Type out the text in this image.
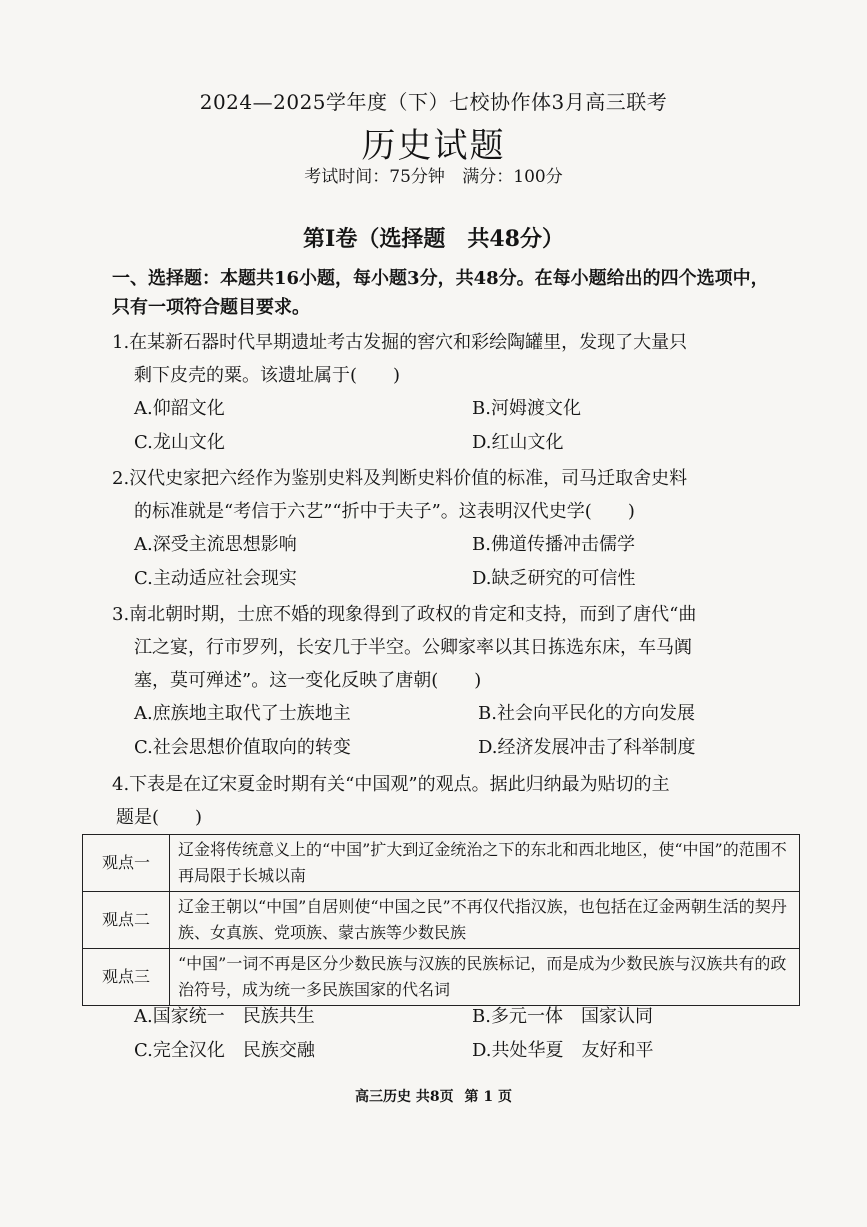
2024—2025学年度（下）七校协作体3月高三联考
历史试题
考试时间：75分钟 满分：100分
第Ⅰ卷（选择题　共48分）
一、选择题：本题共16小题，每小题3分，共48分。在每小题给出的四个选项中，只有一项符合题目要求。
1.在某新石器时代早期遗址考古发掘的窖穴和彩绘陶罐里，发现了大量只
剩下皮壳的粟。该遗址属于(　　)
A.仰韶文化	B.河姆渡文化
C.龙山文化	D.红山文化
2.汉代史家把六经作为鉴别史料及判断史料价值的标准，司马迁取舍史料
的标准就是“考信于六艺”“折中于夫子”。这表明汉代史学(　　)
A.深受主流思想影响	B.佛道传播冲击儒学
C.主动适应社会现实	D.缺乏研究的可信性
3.南北朝时期，士庶不婚的现象得到了政权的肯定和支持，而到了唐代“曲
江之宴，行市罗列，长安几于半空。公卿家率以其日拣选东床，车马阗
塞，莫可殚述”。这一变化反映了唐朝(　　)
A.庶族地主取代了士族地主	B.社会向平民化的方向发展
C.社会思想价值取向的转变	D.经济发展冲击了科举制度
4.下表是在辽宋夏金时期有关“中国观”的观点。据此归纳最为贴切的主
题是(　　)
观点一	辽金将传统意义上的“中国”扩大到辽金统治之下的东北和西北地区，使“中国”的范围不再局限于长城以南
观点二	辽金王朝以“中国”自居则使“中国之民”不再仅代指汉族，也包括在辽金两朝生活的契丹族、女真族、党项族、蒙古族等少数民族
观点三	“中国”一词不再是区分少数民族与汉族的民族标记，而是成为少数民族与汉族共有的政治符号，成为统一多民族国家的代名词
A.国家统一　民族共生	B.多元一体　国家认同
C.完全汉化　民族交融	D.共处华夏　友好和平
高三历史 共8页 第 1 页
